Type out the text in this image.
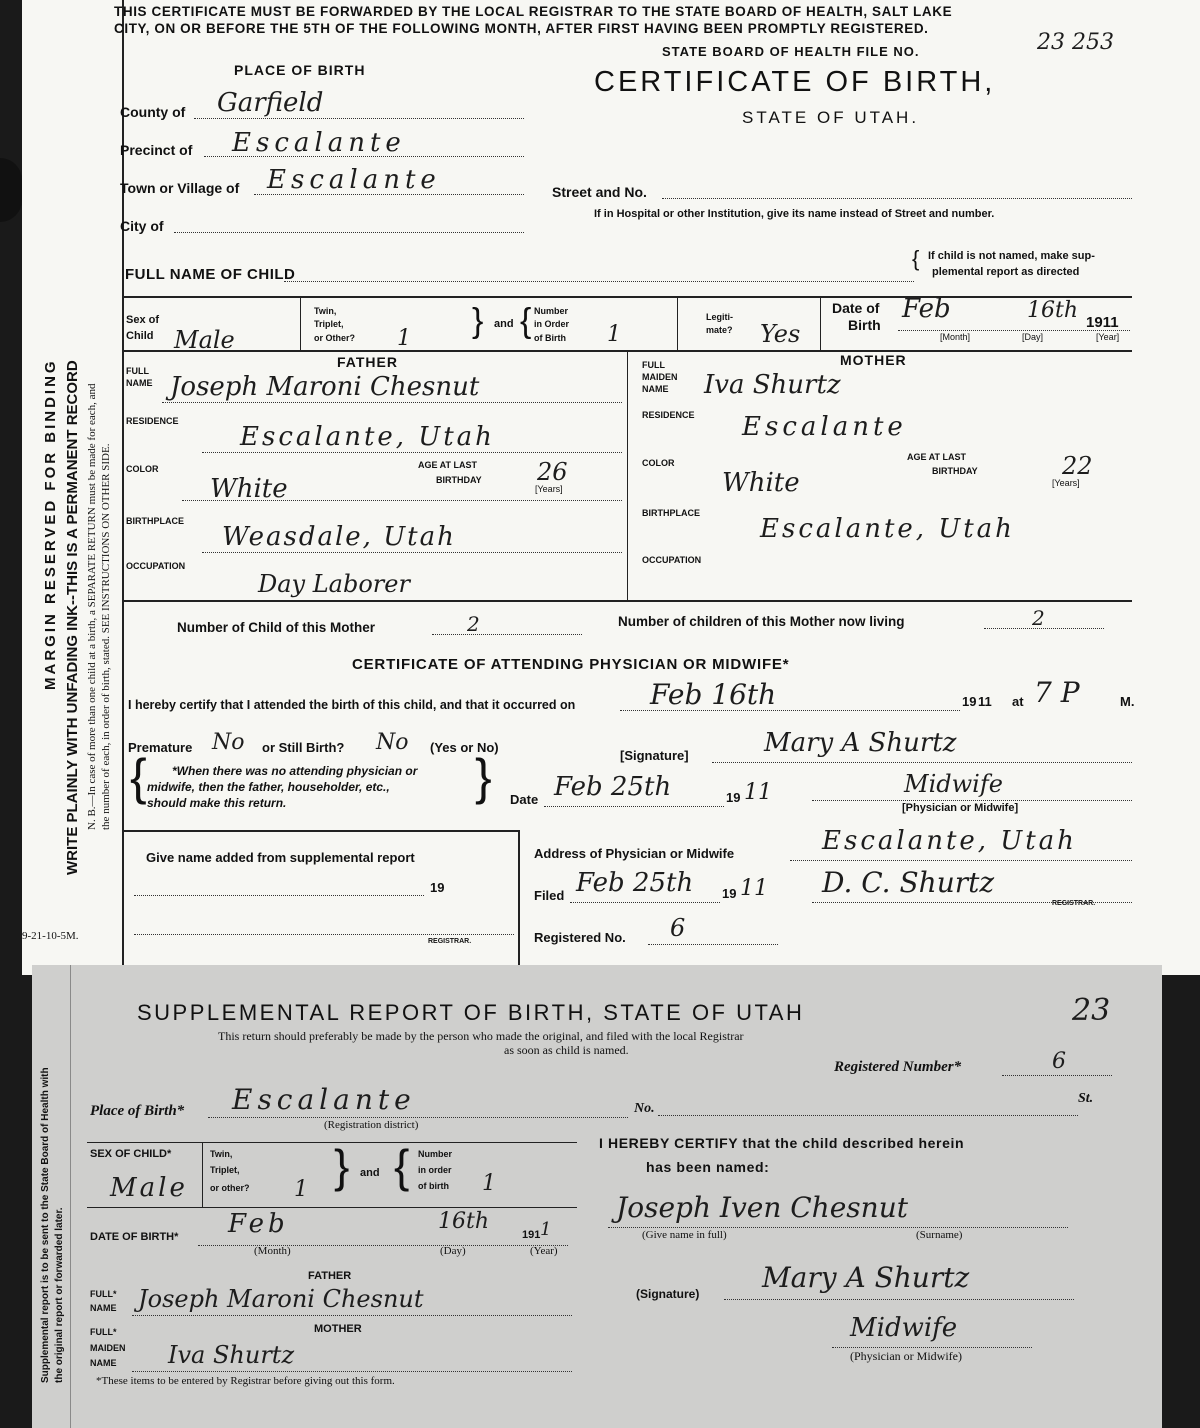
MARGIN RESERVED FOR BINDING WRITE PLAINLY WITH UNFADING INK--THIS IS A PERMANENT RECORD N. B.—In case of more than one child at a birth, a SEPARATE RETURN must be made for each, and the number of each, in order of birth, stated. SEE INSTRUCTIONS ON OTHER SIDE.
THIS CERTIFICATE MUST BE FORWARDED BY THE LOCAL REGISTRAR TO THE STATE BOARD OF HEALTH, SALT LAKE
CITY, ON OR BEFORE THE 5TH OF THE FOLLOWING MONTH, AFTER FIRST HAVING BEEN PROMPTLY REGISTERED.
STATE BOARD OF HEALTH FILE NO.	23 253
CERTIFICATE OF BIRTH,
STATE OF UTAH.
PLACE OF BIRTH
County of Garfield
Precinct of Escalante
Town or Village of Escalante
City of
Street and No.
If in Hospital or other Institution, give its name instead of Street and number.
FULL NAME OF CHILD
{ If child is not named, make sup-
plemental report as directed
Sex of
Child Male
Twin,
Triplet,
or Other? 1 } and { Number
in Order
of Birth 1
Legiti-
mate? Yes
Date of
Birth
Feb	16th 1911
[Month]	[Day]	[Year]
FATHER	MOTHER
FULL
NAME Joseph Maroni Chesnut
FULL
MAIDEN
NAME Iva Shurtz
RESIDENCE
Escalante, Utah
RESIDENCE Escalante
COLOR
White
AGE AT LAST
BIRTHDAY 26
[Years]
COLOR
White
AGE AT LAST
BIRTHDAY	22
[Years]
BIRTHPLACE
Weasdale, Utah
BIRTHPLACE
Escalante, Utah
OCCUPATION
Day Laborer
OCCUPATION
Number of Child of this Mother	2	Number of children of this Mother now living	2
CERTIFICATE OF ATTENDING PHYSICIAN OR MIDWIFE*
I hereby certify that I attended the birth of this child, and that it occurred on	Feb 16th	19 11 at 7 P	M.
Premature No or Still Birth? No (Yes or No)
{ *When there was no attending physician or
midwife, then the father, householder, etc.,
should make this return.	}	[Signature]	Mary A Shurtz
Date Feb 25th	19 11	Midwife
[Physician or Midwife]
Give name added from supplemental report
19
REGISTRAR.
Address of Physician or Midwife	Escalante, Utah
Filed Feb 25th 19 11 D. C. Shurtz
REGISTRAR.
Registered No. 6
9-21-10-5M.
Supplemental report is to be sent to the State Board of Health with the original report or forwarded later.
SUPPLEMENTAL REPORT OF BIRTH, STATE OF UTAH	23
This return should preferably be made by the person who made the original, and filed with the local Registrar
as soon as child is named.
Registered Number*	6
Place of Birth* Escalante
(Registration district)
No.
St.
SEX OF CHILD*
Male
Twin,
Triplet,
or other? 1 } and { Number
in order
of birth 1
DATE OF BIRTH* Feb	16th
191 1
(Month)	(Day)	(Year)
FATHER
FULL*
NAME Joseph Maroni Chesnut
MOTHER
FULL*
MAIDEN
NAME Iva Shurtz
*These items to be entered by Registrar before giving out this form.
I HEREBY CERTIFY that the child described herein
has been named:
Joseph Iven Chesnut
(Give name in full)	(Surname)
(Signature) Mary A Shurtz
Midwife
(Physician or Midwife)
